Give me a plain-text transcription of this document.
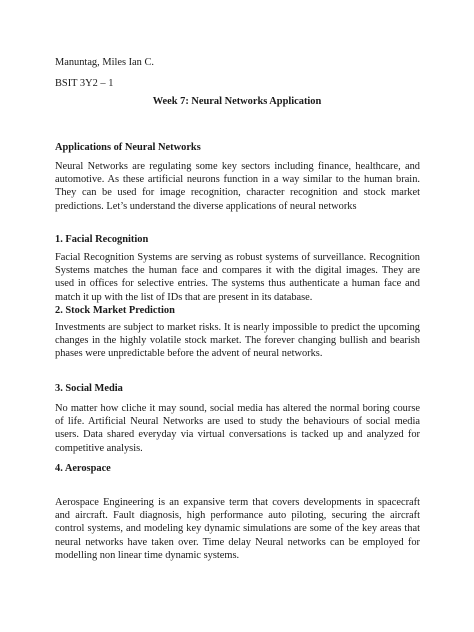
Manuntag, Miles Ian C.
BSIT 3Y2 – 1
Week 7: Neural Networks Application
Applications of Neural Networks
Neural Networks are regulating some key sectors including finance, healthcare, and automotive. As these artificial neurons function in a way similar to the human brain. They can be used for image recognition, character recognition and stock market predictions. Let’s understand the diverse applications of neural networks
1. Facial Recognition
Facial Recognition Systems are serving as robust systems of surveillance. Recognition Systems matches the human face and compares it with the digital images. They are used in offices for selective entries. The systems thus authenticate a human face and match it up with the list of IDs that are present in its database.
2. Stock Market Prediction
Investments are subject to market risks. It is nearly impossible to predict the upcoming changes in the highly volatile stock market. The forever changing bullish and bearish phases were unpredictable before the advent of neural networks.
3. Social Media
No matter how cliche it may sound, social media has altered the normal boring course of life. Artificial Neural Networks are used to study the behaviours of social media users. Data shared everyday via virtual conversations is tacked up and analyzed for competitive analysis.
4. Aerospace
Aerospace Engineering is an expansive term that covers developments in spacecraft and aircraft. Fault diagnosis, high performance auto piloting, securing the aircraft control systems, and modeling key dynamic simulations are some of the key areas that neural networks have taken over. Time delay Neural networks can be employed for modelling non linear time dynamic systems.
